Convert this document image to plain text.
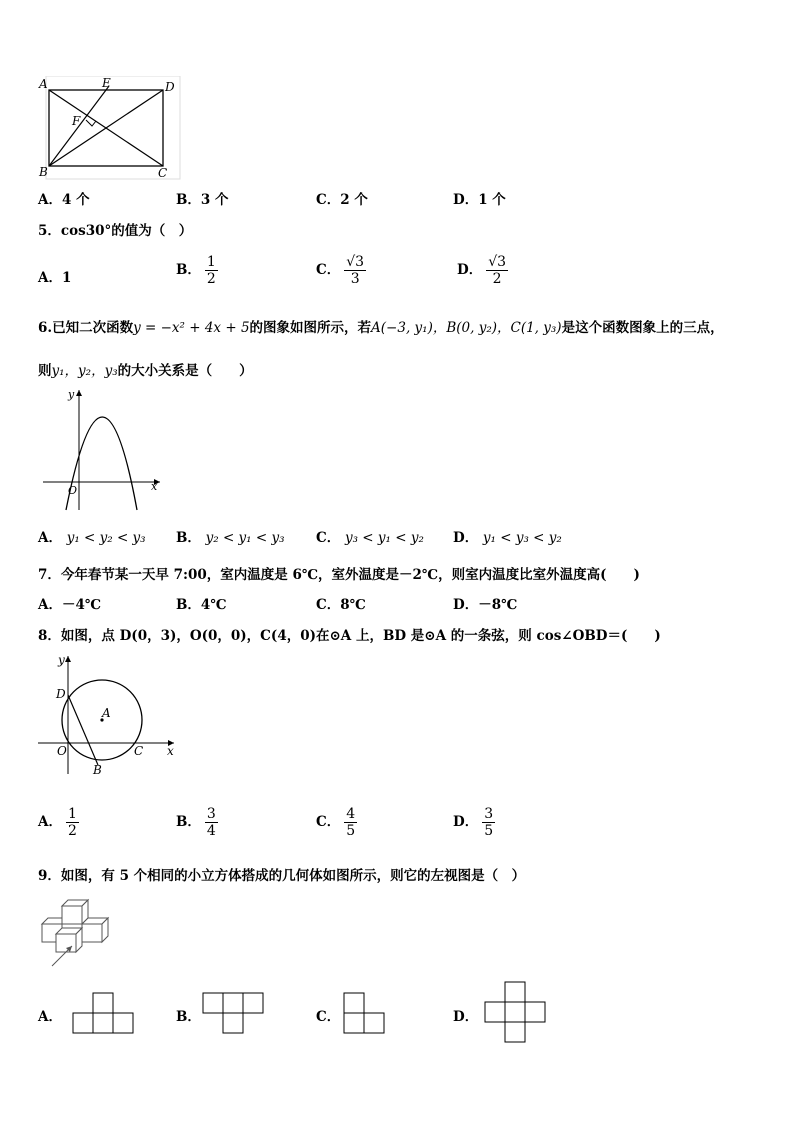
A	E	D
F
B	C
A．4 个	B．3 个	C．2 个	D．1 个
5．cos30°的值为（　）
A．1	B． $\frac{1}{2}$	C． $\frac{√3}{3}$	D． $\frac{√3}{2}$
6.已知二次函数y = −x² + 4x + 5的图象如图所示，若A(−3, y₁)，B(0, y₂)，C(1, y₃)是这个函数图象上的三点，
则y₁，y₂，y₃的大小关系是（　　）
y
x
O
A． y₁ < y₂ < y₃ B． y₂ < y₁ < y₃ C． y₃ < y₁ < y₂ D． y₁ < y₃ < y₂
7．今年春节某一天早 7:00，室内温度是 6℃，室外温度是－2℃，则室内温度比室外温度高(　　)
A．－4℃	B．4℃	C．8℃	D．－8℃
8．如图，点 D(0，3)，O(0，0)，C(4，0)在⊙A 上，BD 是⊙A 的一条弦，则 cos∠OBD＝(　　)
y
x
D
A
O	C
B
A． $\frac{1}{2}$	B． $\frac{3}{4}$	C． $\frac{4}{5}$	D． $\frac{3}{5}$
9．如图，有 5 个相同的小立方体搭成的几何体如图所示，则它的左视图是（　）
A．	B．	C．	D．
